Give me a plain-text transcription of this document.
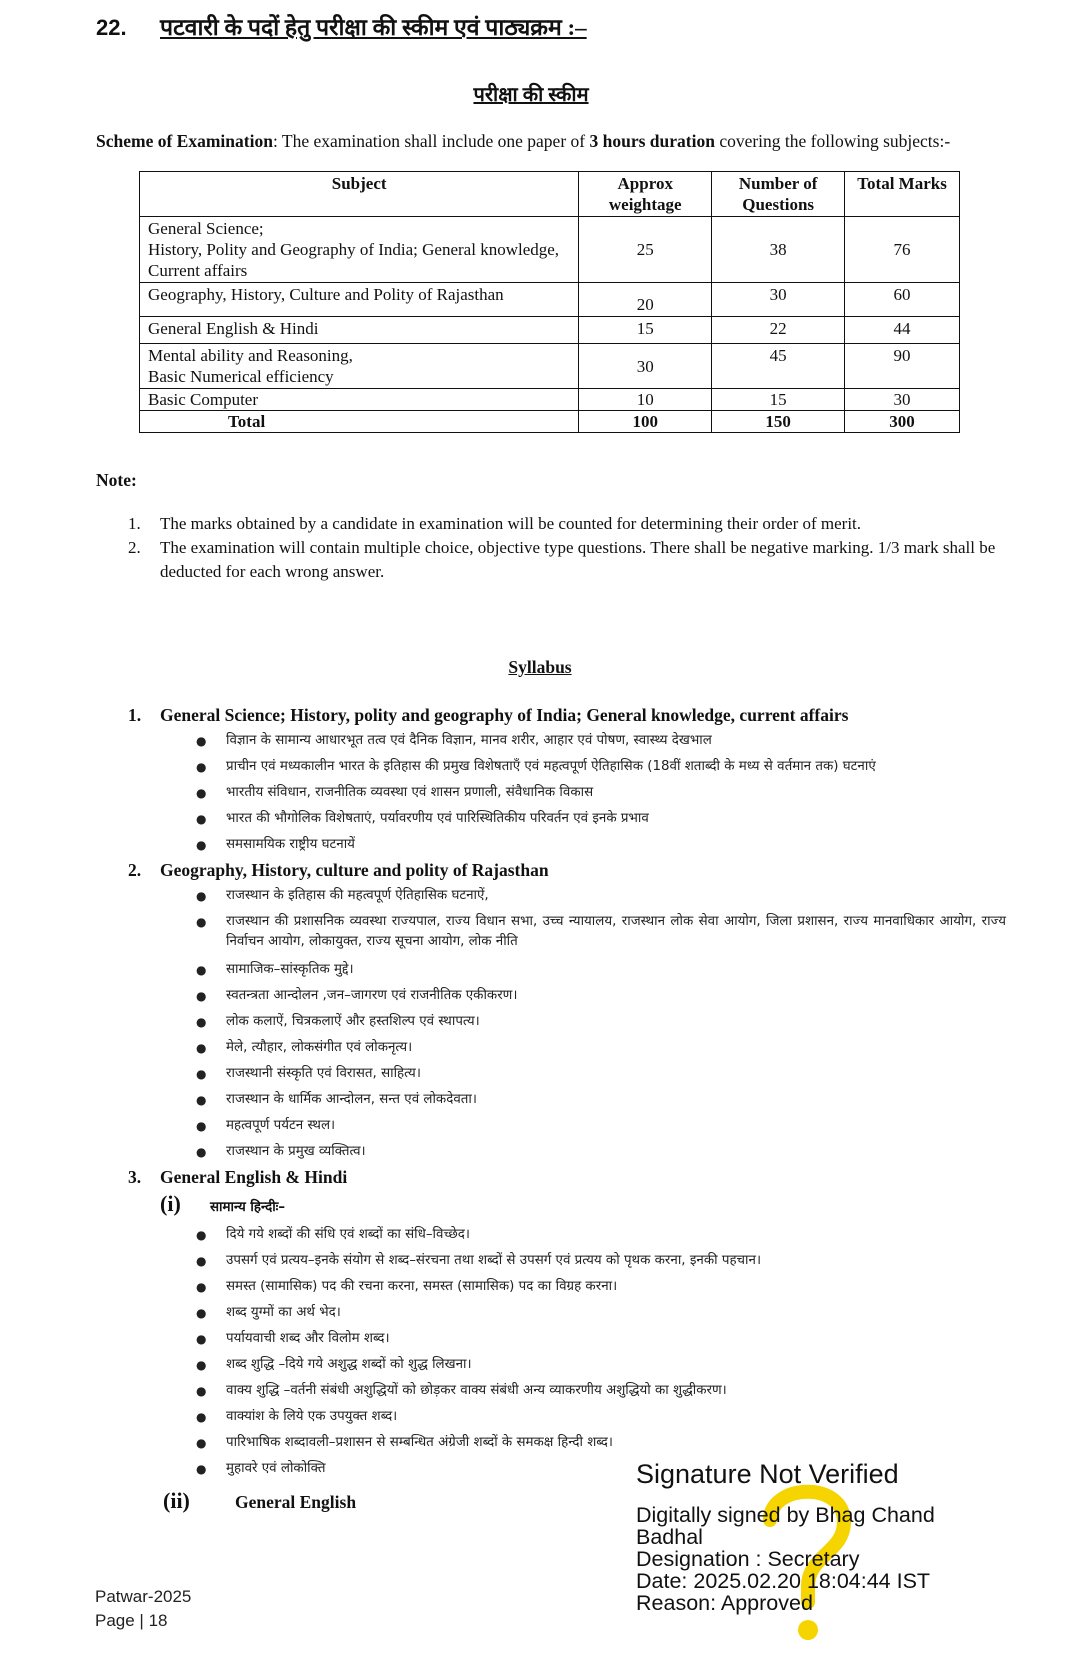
22. पटवारी के पदों हेतु परीक्षा की स्कीम एवं पाठ्यक्रम :–
परीक्षा की स्कीम
Scheme of Examination: The examination shall include one paper of 3 hours duration covering the following subjects:-
Subject	Approx weightage	Number of Questions	Total Marks
General Science;
History, Polity and Geography of India; General knowledge, Current affairs	25	38	76
Geography, History, Culture and Polity of Rajasthan	20	30	60
General English & Hindi	15	22	44
Mental ability and Reasoning,
Basic Numerical efficiency	30	45	90
Basic Computer	10	15	30
Total	100	150	300
Note:
1.	The marks obtained by a candidate in examination will be counted for determining their order of merit.
2.	The examination will contain multiple choice, objective type questions. There shall be negative marking. 1/3 mark shall be deducted for each wrong answer.
Syllabus
1. General Science; History, polity and geography of India; General knowledge, current affairs
●	विज्ञान के सामान्य आधारभूत तत्व एवं दैनिक विज्ञान, मानव शरीर, आहार एवं पोषण, स्वास्थ्य देखभाल
●	प्राचीन एवं मध्यकालीन भारत के इतिहास की प्रमुख विशेषताएँ एवं महत्वपूर्ण ऐतिहासिक (18वीं शताब्दी के मध्य से वर्तमान तक) घटनाएं
●	भारतीय संविधान, राजनीतिक व्यवस्था एवं शासन प्रणाली, संवैधानिक विकास
●	भारत की भौगोलिक विशेषताएं, पर्यावरणीय एवं पारिस्थितिकीय परिवर्तन एवं इनके प्रभाव
●	समसामयिक राष्ट्रीय घटनायें
2. Geography, History, culture and polity of Rajasthan
●	राजस्थान के इतिहास की महत्वपूर्ण ऐतिहासिक घटनाऐं,
●	राजस्थान की प्रशासनिक व्यवस्था राज्यपाल, राज्य विधान सभा, उच्च न्यायालय, राजस्थान लोक सेवा आयोग, जिला प्रशासन, राज्य मानवाधिकार आयोग, राज्य निर्वाचन आयोग, लोकायुक्त, राज्य सूचना आयोग, लोक नीति
●	सामाजिक–सांस्कृतिक मुद्दे।
●	स्वतन्त्रता आन्दोलन ,जन–जागरण एवं राजनीतिक एकीकरण।
●	लोक कलाऐं, चित्रकलाऐं और हस्तशिल्प एवं स्थापत्य।
●	मेले, त्यौहार, लोकसंगीत एवं लोकनृत्य।
●	राजस्थानी संस्कृति एवं विरासत, साहित्य।
●	राजस्थान के धार्मिक आन्दोलन, सन्त एवं लोकदेवता।
●	महत्वपूर्ण पर्यटन स्थल।
●	राजस्थान के प्रमुख व्यक्तित्व।
3. General English & Hindi
(i) सामान्य हिन्दीः–
●	दिये गये शब्दों की संधि एवं शब्दों का संधि–विच्छेद।
●	उपसर्ग एवं प्रत्यय–इनके संयोग से शब्द–संरचना तथा शब्दों से उपसर्ग एवं प्रत्यय को पृथक करना, इनकी पहचान।
●	समस्त (सामासिक) पद की रचना करना, समस्त (सामासिक) पद का विग्रह करना।
●	शब्द युग्मों का अर्थ भेद।
●	पर्यायवाची शब्द और विलोम शब्द।
●	शब्द शुद्धि –दिये गये अशुद्ध शब्दों को शुद्ध लिखना।
●	वाक्य शुद्धि –वर्तनी संबंधी अशुद्धियों को छोड़कर वाक्य संबंधी अन्य व्याकरणीय अशुद्धियो का शुद्धीकरण।
●	वाक्यांश के लिये एक उपयुक्त शब्द।
●	पारिभाषिक शब्दावली–प्रशासन से सम्बन्धित अंग्रेजी शब्दों के समकक्ष हिन्दी शब्द।
●	मुहावरे एवं लोकोक्ति
(ii)	General English
Signature Not Verified
Digitally signed by Bhag Chand
Badhal
Designation : Secretary
Date: 2025.02.20 18:04:44 IST
Reason: Approved
Patwar-2025
Page | 18
